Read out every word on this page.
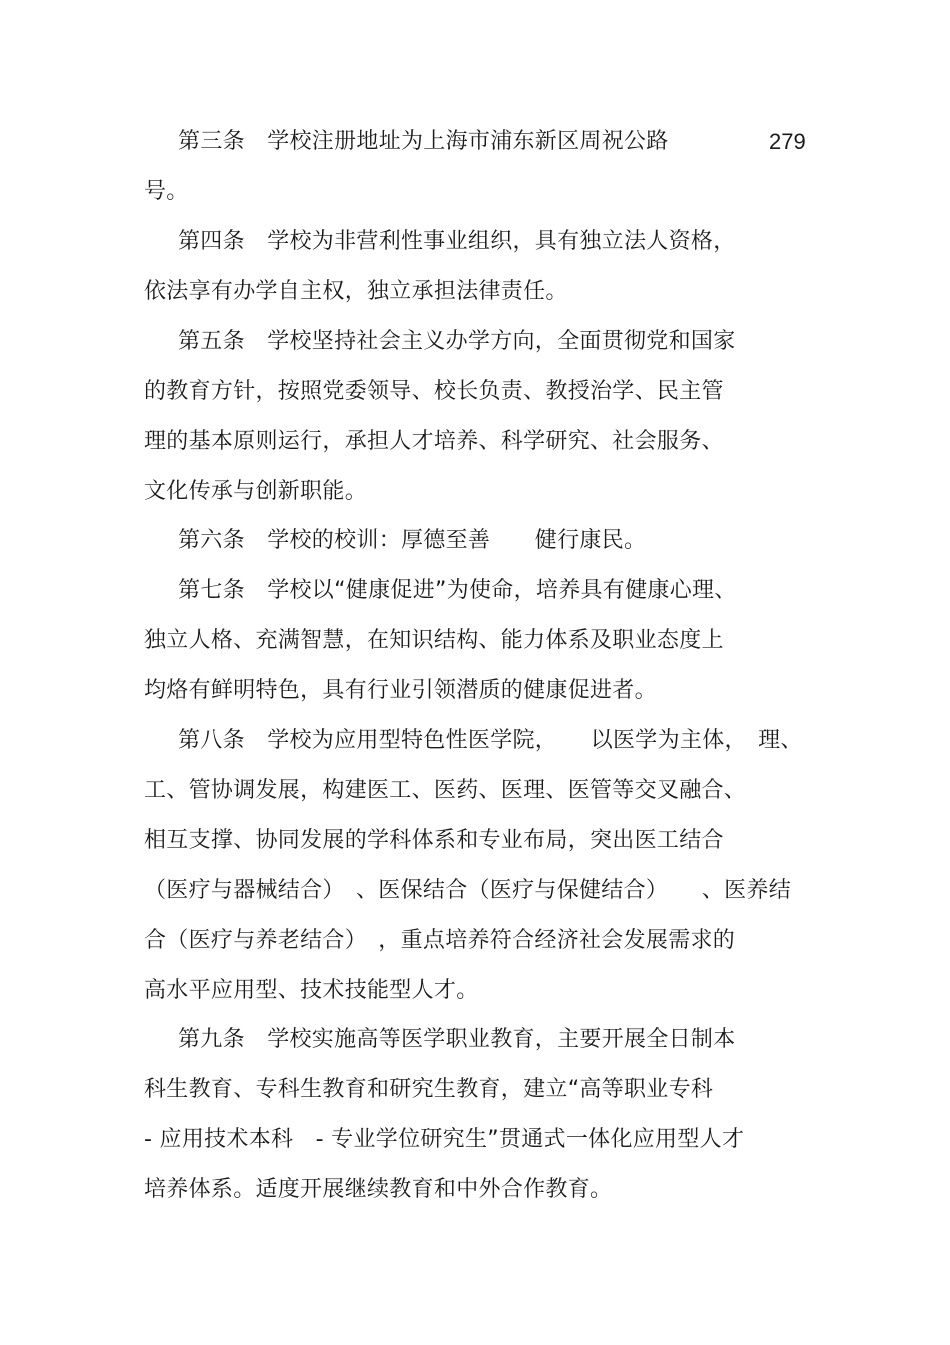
第三条　学校注册地址为上海市浦东新区周祝公路	279
号。
第四条　学校为非营利性事业组织，具有独立法人资格，
依法享有办学自主权，独立承担法律责任。
第五条　学校坚持社会主义办学方向，全面贯彻党和国家
的教育方针，按照党委领导、校长负责、教授治学、民主管
理的基本原则运行，承担人才培养、科学研究、社会服务、
文化传承与创新职能。
第六条　学校的校训：厚德至善　　健行康民。
第七条　学校以“健康促进”为使命，培养具有健康心理、
独立人格、充满智慧，在知识结构、能力体系及职业态度上
均烙有鲜明特色，具有行业引领潜质的健康促进者。
第八条　学校为应用型特色性医学院，　　以医学为主体，　理、
工、管协调发展，构建医工、医药、医理、医管等交叉融合、
相互支撑、协同发展的学科体系和专业布局，突出医工结合
（医疗与器械结合）　、医保结合（医疗与保健结合）　　、医养结
合（医疗与养老结合）　，重点培养符合经济社会发展需求的
高水平应用型、技术技能型人才。
第九条　学校实施高等医学职业教育，主要开展全日制本
科生教育、专科生教育和研究生教育，建立“高等职业专科
- 应用技术本科　- 专业学位研究生”贯通式一体化应用型人才
培养体系。适度开展继续教育和中外合作教育。
